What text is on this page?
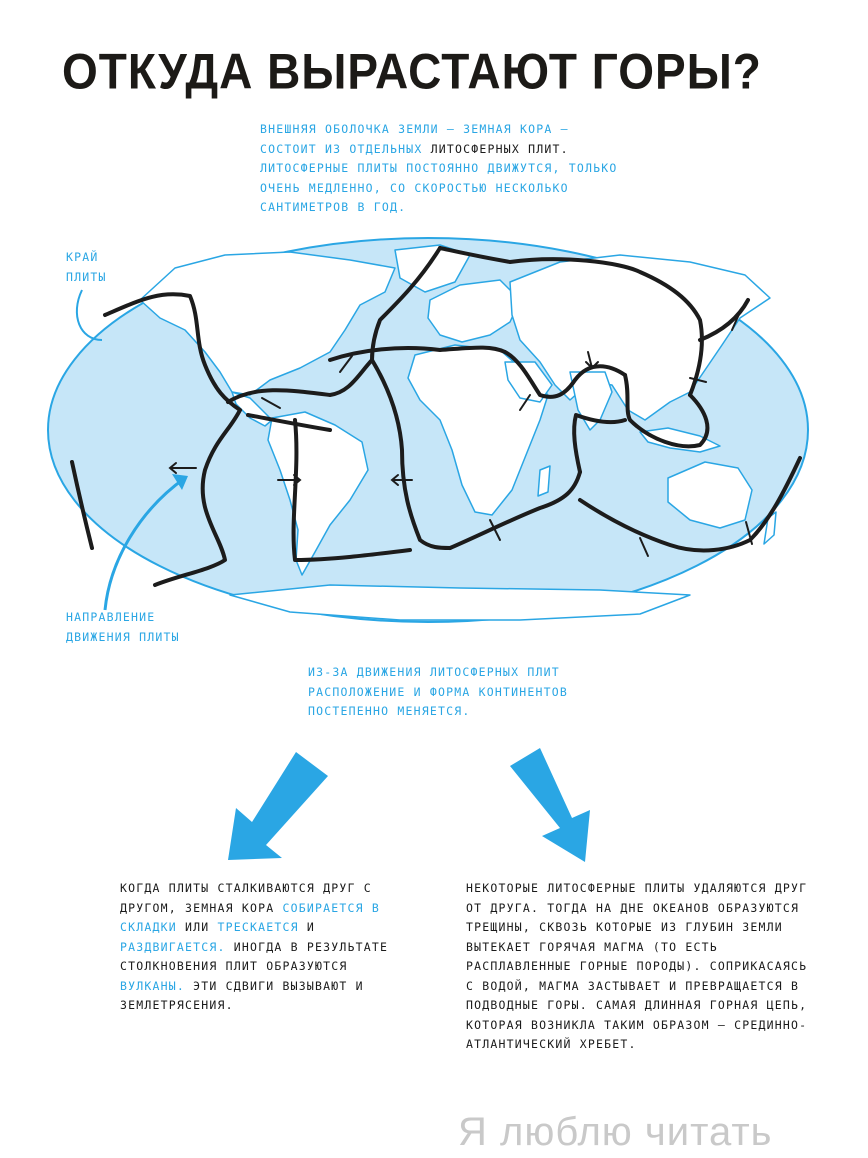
ОТКУДА ВЫРАСТАЮТ ГОРЫ?
ВНЕШНЯЯ ОБОЛОЧКА ЗЕМЛИ — ЗЕМНАЯ КОРА — СОСТОИТ ИЗ ОТДЕЛЬНЫХ ЛИТОСФЕРНЫХ ПЛИТ. ЛИТОСФЕРНЫЕ ПЛИТЫ ПОСТОЯННО ДВИЖУТСЯ, ТОЛЬКО ОЧЕНЬ МЕДЛЕННО, СО СКОРОСТЬЮ НЕСКОЛЬКО САНТИМЕТРОВ В ГОД.
КРАЙ ПЛИТЫ
НАПРАВЛЕНИЕ ДВИЖЕНИЯ ПЛИТЫ
ИЗ-ЗА ДВИЖЕНИЯ ЛИТОСФЕРНЫХ ПЛИТ РАСПОЛОЖЕНИЕ И ФОРМА КОНТИНЕНТОВ ПОСТЕПЕННО МЕНЯЕТСЯ.
КОГДА ПЛИТЫ СТАЛКИВАЮТСЯ ДРУГ С ДРУГОМ, ЗЕМНАЯ КОРА СОБИРАЕТСЯ В СКЛАДКИ ИЛИ ТРЕСКАЕТСЯ И РАЗДВИГАЕТСЯ. ИНОГДА В РЕЗУЛЬТАТЕ СТОЛКНОВЕНИЯ ПЛИТ ОБРАЗУЮТСЯ ВУЛКАНЫ. ЭТИ СДВИГИ ВЫЗЫВАЮТ И ЗЕМЛЕТРЯСЕНИЯ.
НЕКОТОРЫЕ ЛИТОСФЕРНЫЕ ПЛИТЫ УДАЛЯЮТСЯ ДРУГ ОТ ДРУГА. ТОГДА НА ДНЕ ОКЕАНОВ ОБРАЗУЮТСЯ ТРЕЩИНЫ, СКВОЗЬ КОТОРЫЕ ИЗ ГЛУБИН ЗЕМЛИ ВЫТЕКАЕТ ГОРЯЧАЯ МАГМА (ТО ЕСТЬ РАСПЛАВЛЕННЫЕ ГОРНЫЕ ПОРОДЫ). СОПРИКАСАЯСЬ С ВОДОЙ, МАГМА ЗАСТЫВАЕТ И ПРЕВРАЩАЕТСЯ В ПОДВОДНЫЕ ГОРЫ. САМАЯ ДЛИННАЯ ГОРНАЯ ЦЕПЬ, КОТОРАЯ ВОЗНИКЛА ТАКИМ ОБРАЗОМ — СРЕДИННО-АТЛАНТИЧЕСКИЙ ХРЕБЕТ.
Я люблю читать
